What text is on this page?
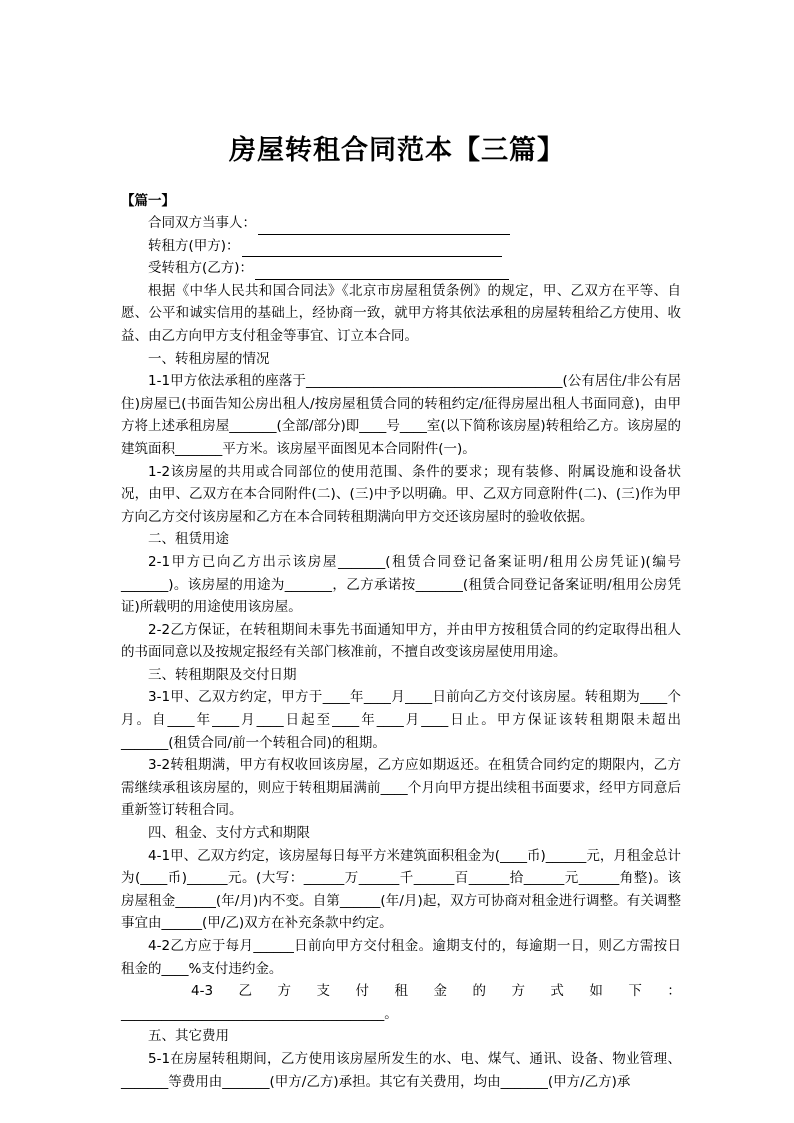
房屋转租合同范本【三篇】
【篇一】
合同双方当事人：
转租方(甲方)：
受转租方(乙方)：
根据《中华人民共和国合同法》《北京市房屋租赁条例》的规定，甲、乙双方在平等、自愿、公平和诚实信用的基础上，经协商一致，就甲方将其依法承租的房屋转租给乙方使用、收益、由乙方向甲方支付租金等事宜、订立本合同。
一、转租房屋的情况
1-1甲方依法承租的座落于______________________________________(公有居住/非公有居住)房屋已(书面告知公房出租人/按房屋租赁合同的转租约定/征得房屋出租人书面同意)，由甲方将上述承租房屋_______(全部/部分)即____号____室(以下简称该房屋)转租给乙方。该房屋的建筑面积_______平方米。该房屋平面图见本合同附件(一)。
1-2该房屋的共用或合同部位的使用范围、条件的要求；现有装修、附属设施和设备状况，由甲、乙双方在本合同附件(二)、(三)中予以明确。甲、乙双方同意附件(二)、(三)作为甲方向乙方交付该房屋和乙方在本合同转租期满向甲方交还该房屋时的验收依据。
二、租赁用途
2-1甲方已向乙方出示该房屋_______(租赁合同登记备案证明/租用公房凭证)(编号_______)。该房屋的用途为_______，乙方承诺按_______(租赁合同登记备案证明/租用公房凭证)所载明的用途使用该房屋。
2-2乙方保证，在转租期间未事先书面通知甲方，并由甲方按租赁合同的约定取得出租人的书面同意以及按规定报经有关部门核准前，不擅自改变该房屋使用用途。
三、转租期限及交付日期
3-1甲、乙双方约定，甲方于____年____月____日前向乙方交付该房屋。转租期为____个月。自____年____月____日起至____年____月____日止。甲方保证该转租期限未超出_______(租赁合同/前一个转租合同)的租期。
3-2转租期满，甲方有权收回该房屋，乙方应如期返还。在租赁合同约定的期限内，乙方需继续承租该房屋的，则应于转租期届满前____个月向甲方提出续租书面要求，经甲方同意后重新签订转租合同。
四、租金、支付方式和期限
4-1甲、乙双方约定，该房屋每日每平方米建筑面积租金为(____币)______元，月租金总计为(____币)______元。(大写：______万______千______百______拾______元______角整)。该房屋租金______(年/月)内不变。自第______(年/月)起，双方可协商对租金进行调整。有关调整事宜由______(甲/乙)双方在补充条款中约定。
4-2乙方应于每月______日前向甲方交付租金。逾期支付的，每逾期一日，则乙方需按日租金的____%支付违约金。
4-3 乙 方 支 付 租 金 的 方 式 如 下 ：
_______________________________________。
五、其它费用
5-1在房屋转租期间，乙方使用该房屋所发生的水、电、煤气、通讯、设备、物业管理、_______等费用由_______(甲方/乙方)承担。其它有关费用，均由_______(甲方/乙方)承
